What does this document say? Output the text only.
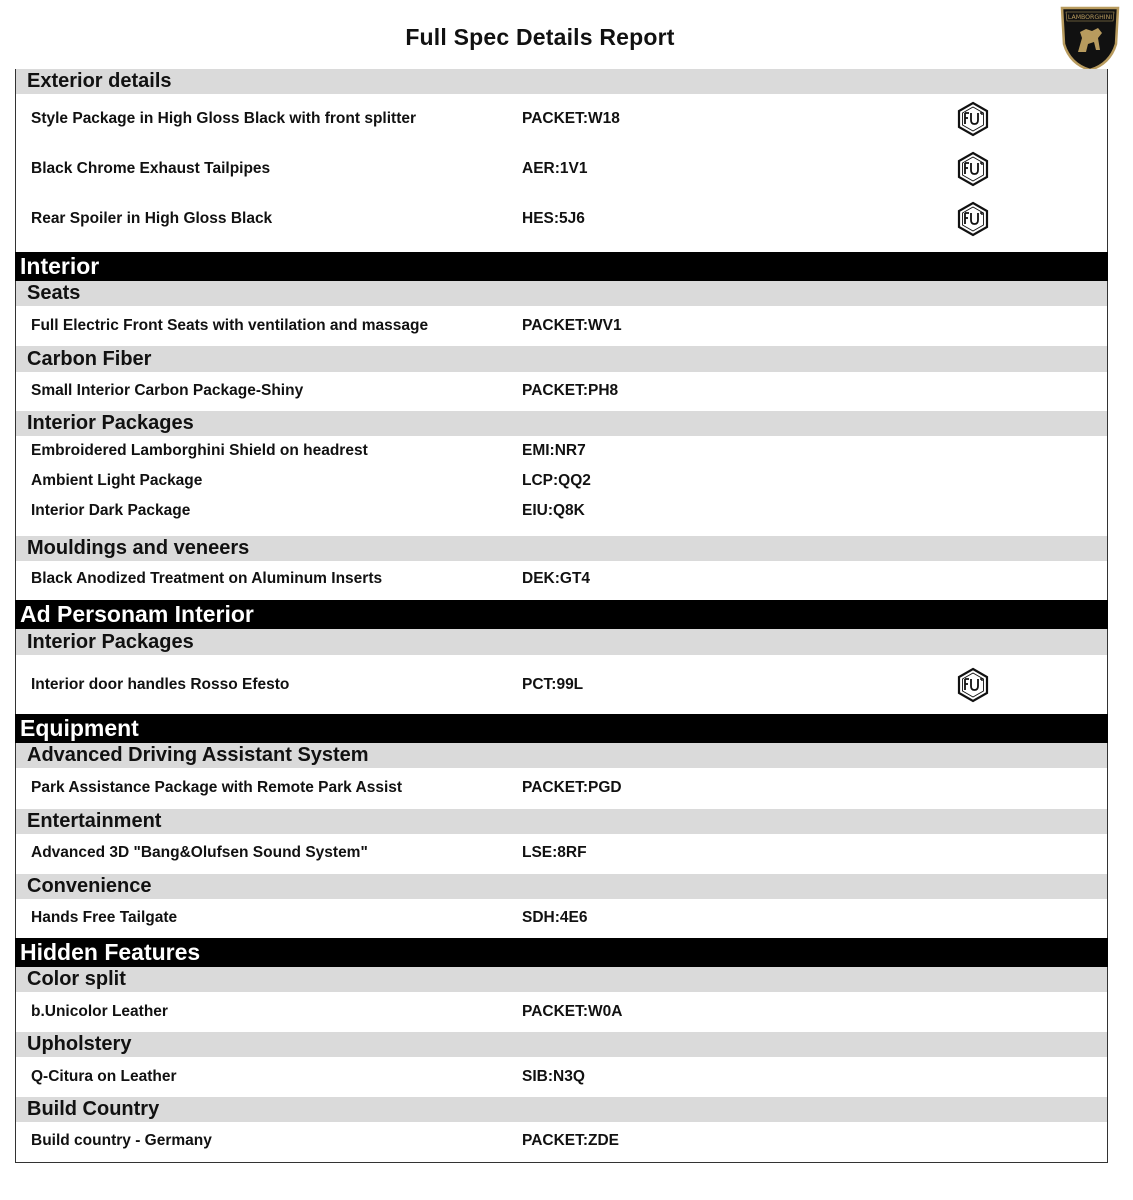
Full Spec Details Report
LAMBORGHINI
Exterior details
Style Package in High Gloss Black with front splitter	PACKET:W18
Black Chrome Exhaust Tailpipes	AER:1V1
Rear Spoiler in High Gloss Black	HES:5J6
Interior
Seats
Full Electric Front Seats with ventilation and massage	PACKET:WV1
Carbon Fiber
Small Interior Carbon Package-Shiny	PACKET:PH8
Interior Packages
Embroidered Lamborghini Shield on headrest	EMI:NR7
Ambient Light Package	LCP:QQ2
Interior Dark Package	EIU:Q8K
Mouldings and veneers
Black Anodized Treatment on Aluminum Inserts	DEK:GT4
Ad Personam Interior
Interior Packages
Interior door handles Rosso Efesto	PCT:99L
Equipment
Advanced Driving Assistant System
Park Assistance Package with Remote Park Assist	PACKET:PGD
Entertainment
Advanced 3D "Bang&Olufsen Sound System"	LSE:8RF
Convenience
Hands Free Tailgate	SDH:4E6
Hidden Features
Color split
b.Unicolor Leather	PACKET:W0A
Upholstery
Q-Citura on Leather	SIB:N3Q
Build Country
Build country - Germany	PACKET:ZDE
